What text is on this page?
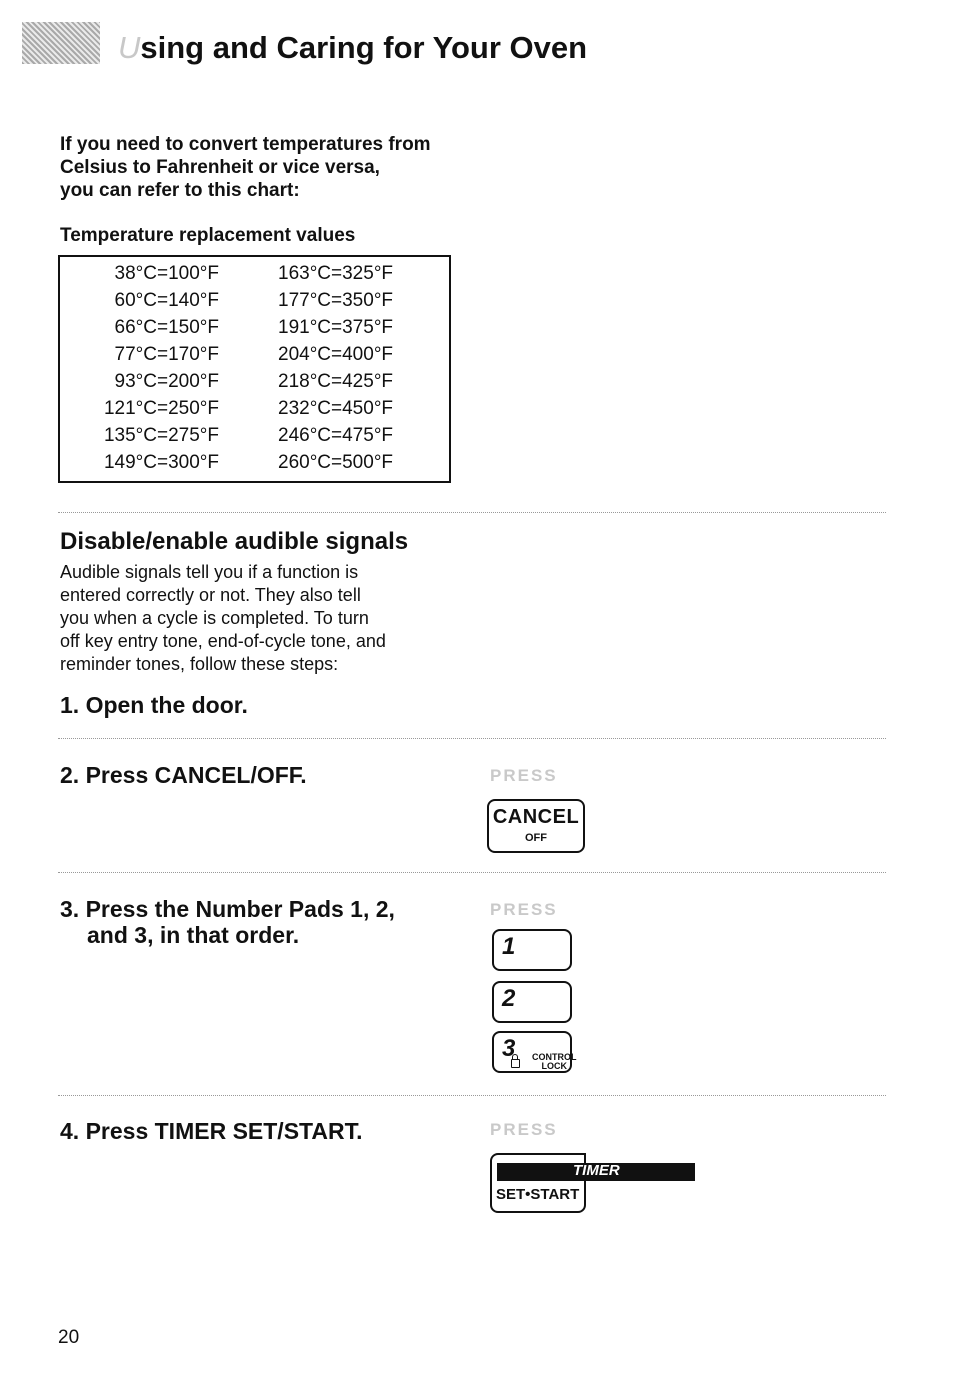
Using and Caring for Your Oven
If you need to convert temperatures from
Celsius to Fahrenheit or vice versa,
you can refer to this chart:
Temperature replacement values
38°C=100°F	163°C=325°F
60°C=140°F	177°C=350°F
66°C=150°F	191°C=375°F
77°C=170°F	204°C=400°F
93°C=200°F	218°C=425°F
121°C=250°F	232°C=450°F
135°C=275°F	246°C=475°F
149°C=300°F	260°C=500°F
Disable/enable audible signals
Audible signals tell you if a function is
entered correctly or not. They also tell
you when a cycle is completed. To turn
off key entry tone, end-of-cycle tone, and
reminder tones, follow these steps:
1. Open the door.
2. Press CANCEL/OFF.	PRESS
CANCEL
OFF
3. Press the Number Pads 1, 2,
and 3, in that order.
PRESS
1
2
3 CONTROL
LOCK
4. Press TIMER SET/START.	PRESS
SET•START
TIMER
20
